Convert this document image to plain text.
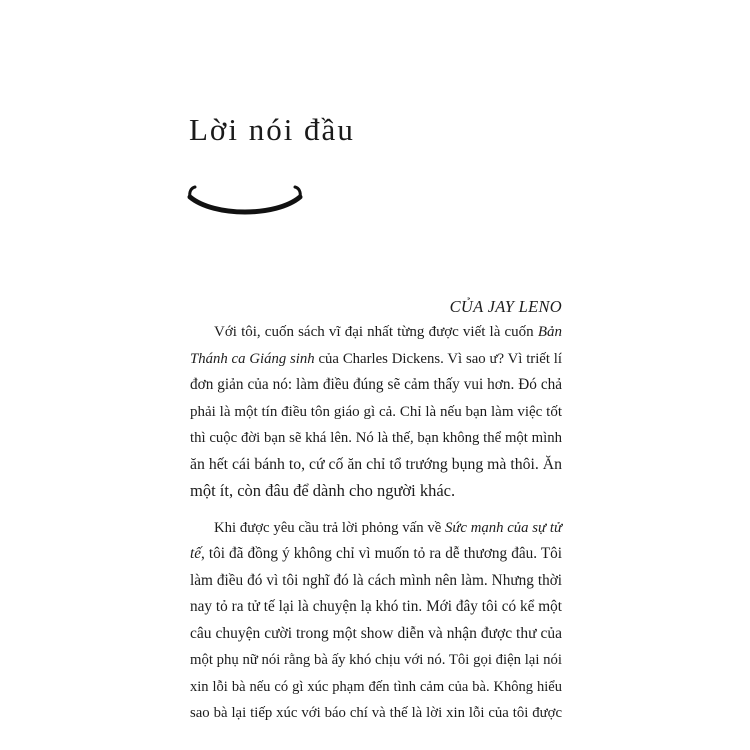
Lời nói đầu
CỦA JAY LENO
Với tôi, cuốn sách vĩ đại nhất từng được viết là cuốn Bản
Thánh ca Giáng sinh của Charles Dickens. Vì sao ư? Vì triết lí
đơn giản của nó: làm điều đúng sẽ cảm thấy vui hơn. Đó chả
phải là một tín điều tôn giáo gì cả. Chỉ là nếu bạn làm việc tốt
thì cuộc đời bạn sẽ khá lên. Nó là thế, bạn không thể một mình
ăn hết cái bánh to, cứ cố ăn chỉ tổ trướng bụng mà thôi. Ăn
một ít, còn đâu để dành cho người khác.
Khi được yêu cầu trả lời phỏng vấn về Sức mạnh của sự tử
tế, tôi đã đồng ý không chỉ vì muốn tỏ ra dễ thương đâu. Tôi
làm điều đó vì tôi nghĩ đó là cách mình nên làm. Nhưng thời
nay tỏ ra tử tế lại là chuyện lạ khó tin. Mới đây tôi có kể một
câu chuyện cười trong một show diễn và nhận được thư của
một phụ nữ nói rằng bà ấy khó chịu với nó. Tôi gọi điện lại nói
xin lỗi bà nếu có gì xúc phạm đến tình cảm của bà. Không hiểu
sao bà lại tiếp xúc với báo chí và thế là lời xin lỗi của tôi được
